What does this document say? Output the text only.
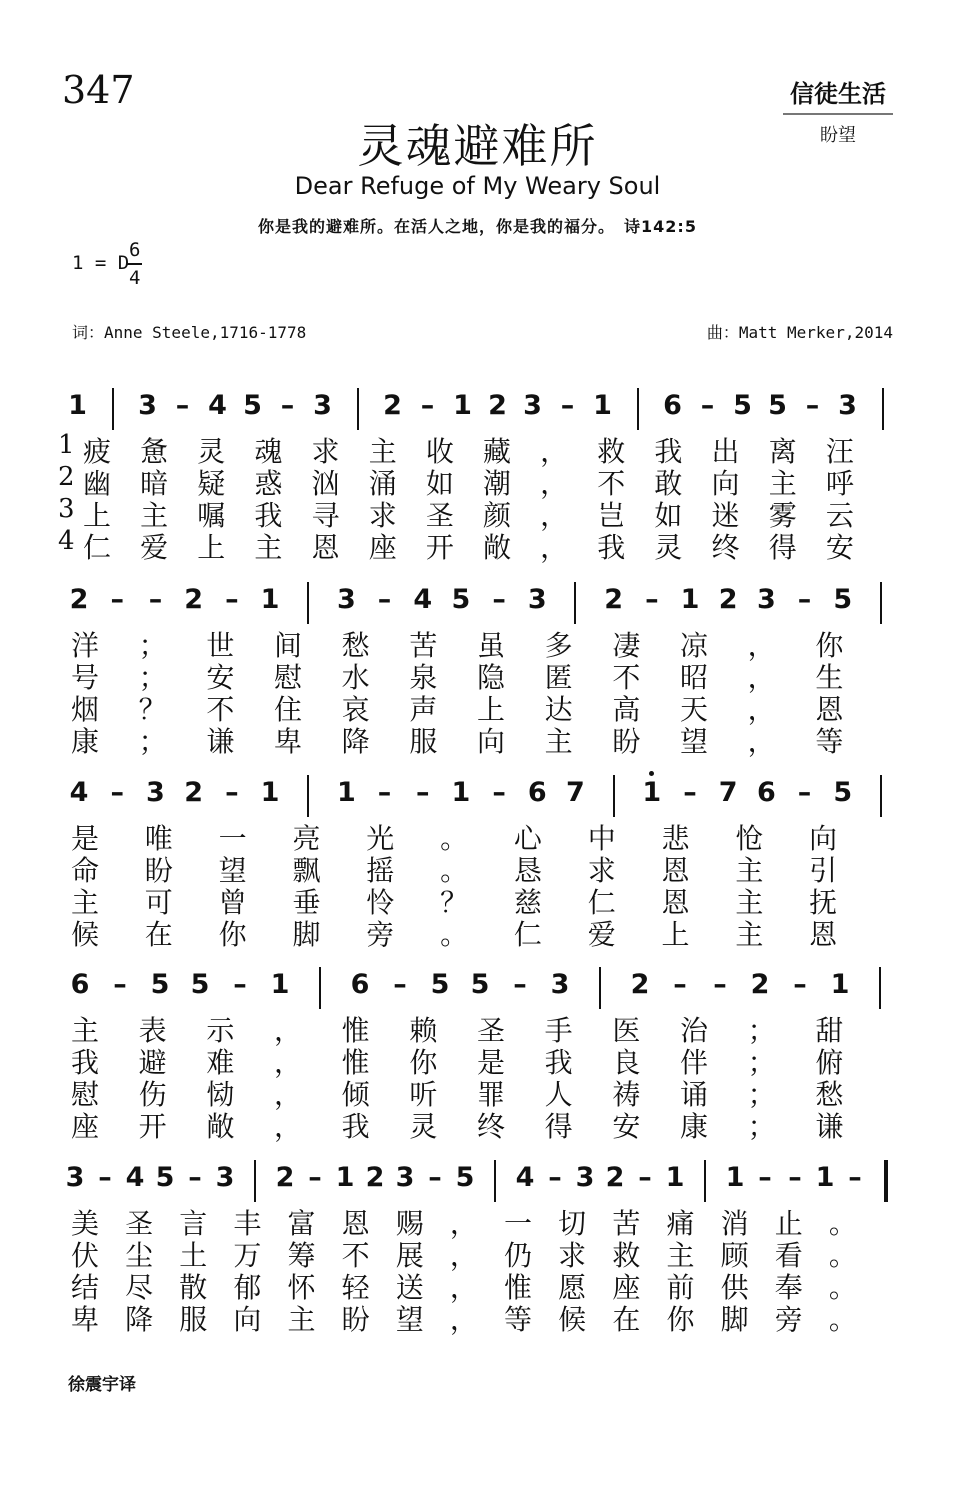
347	信徒生活
盼望
灵魂避难所
Dear Refuge of My Weary Soul
你是我的避难所。在活人之地，你是我的福分。　诗142:5
1 = D
6
4
词：Anne Steele,1716-1778	曲：Matt Merker,2014
1	3 – 4 5 – 3	2 – 1 2 3 – 1	6 – 5 5 – 3
1 疲 惫 灵 魂 求 主 收 藏 ， 救 我 出 离 汪
2 幽 暗 疑 惑 汹 涌 如 潮 ， 不 敢 向 主 呼
3 上 主 嘱 我 寻 求 圣 颜 ， 岂 如 迷 雾 云
4 仁 爱 上 主 恩 座 开 敞 ， 我 灵 终 得 安
2 – – 2 – 1	3 – 4 5 – 3	2 – 1 2 3 – 5
洋 ； 世 间 愁 苦 虽 多 凄 凉 ， 你
号 ； 安 慰 水 泉 隐 匿 不 昭 ， 生
烟 ？ 不 住 哀 声 上 达 高 天 ， 恩
康 ； 谦 卑 降 服 向 主 盼 望 ， 等
4 – 3 2 – 1	1 – – 1 – 6 7	1 – 7 6 – 5
是 唯 一 亮 光 。 心 中 悲 怆 向
命 盼 望 飘 摇 。 恳 求 恩 主 引
主 可 曾 垂 怜 ？ 慈 仁 恩 主 抚
候 在 你 脚 旁 。 仁 爱 上 主 恩
6 – 5 5 – 1	6 – 5 5 – 3	2 – – 2 – 1
主 表 示 ， 惟 赖 圣 手 医 治 ； 甜
我 避 难 ， 惟 你 是 我 良 伴 ； 俯
慰 伤 恸 ， 倾 听 罪 人 祷 诵 ； 愁
座 开 敞 ， 我 灵 终 得 安 康 ； 谦
3 – 4 5 – 3	2 – 1 2 3 – 5	4 – 3 2 – 1	1 – – 1 –
美 圣 言 丰 富 恩 赐 ， 一 切 苦 痛 消 止 。
伏 尘 土 万 筹 不 展 ， 仍 求 救 主 顾 看 。
结 尽 散 郁 怀 轻 送 ， 惟 愿 座 前 供 奉 。
卑 降 服 向 主 盼 望 ， 等 候 在 你 脚 旁 。
徐震宇译
